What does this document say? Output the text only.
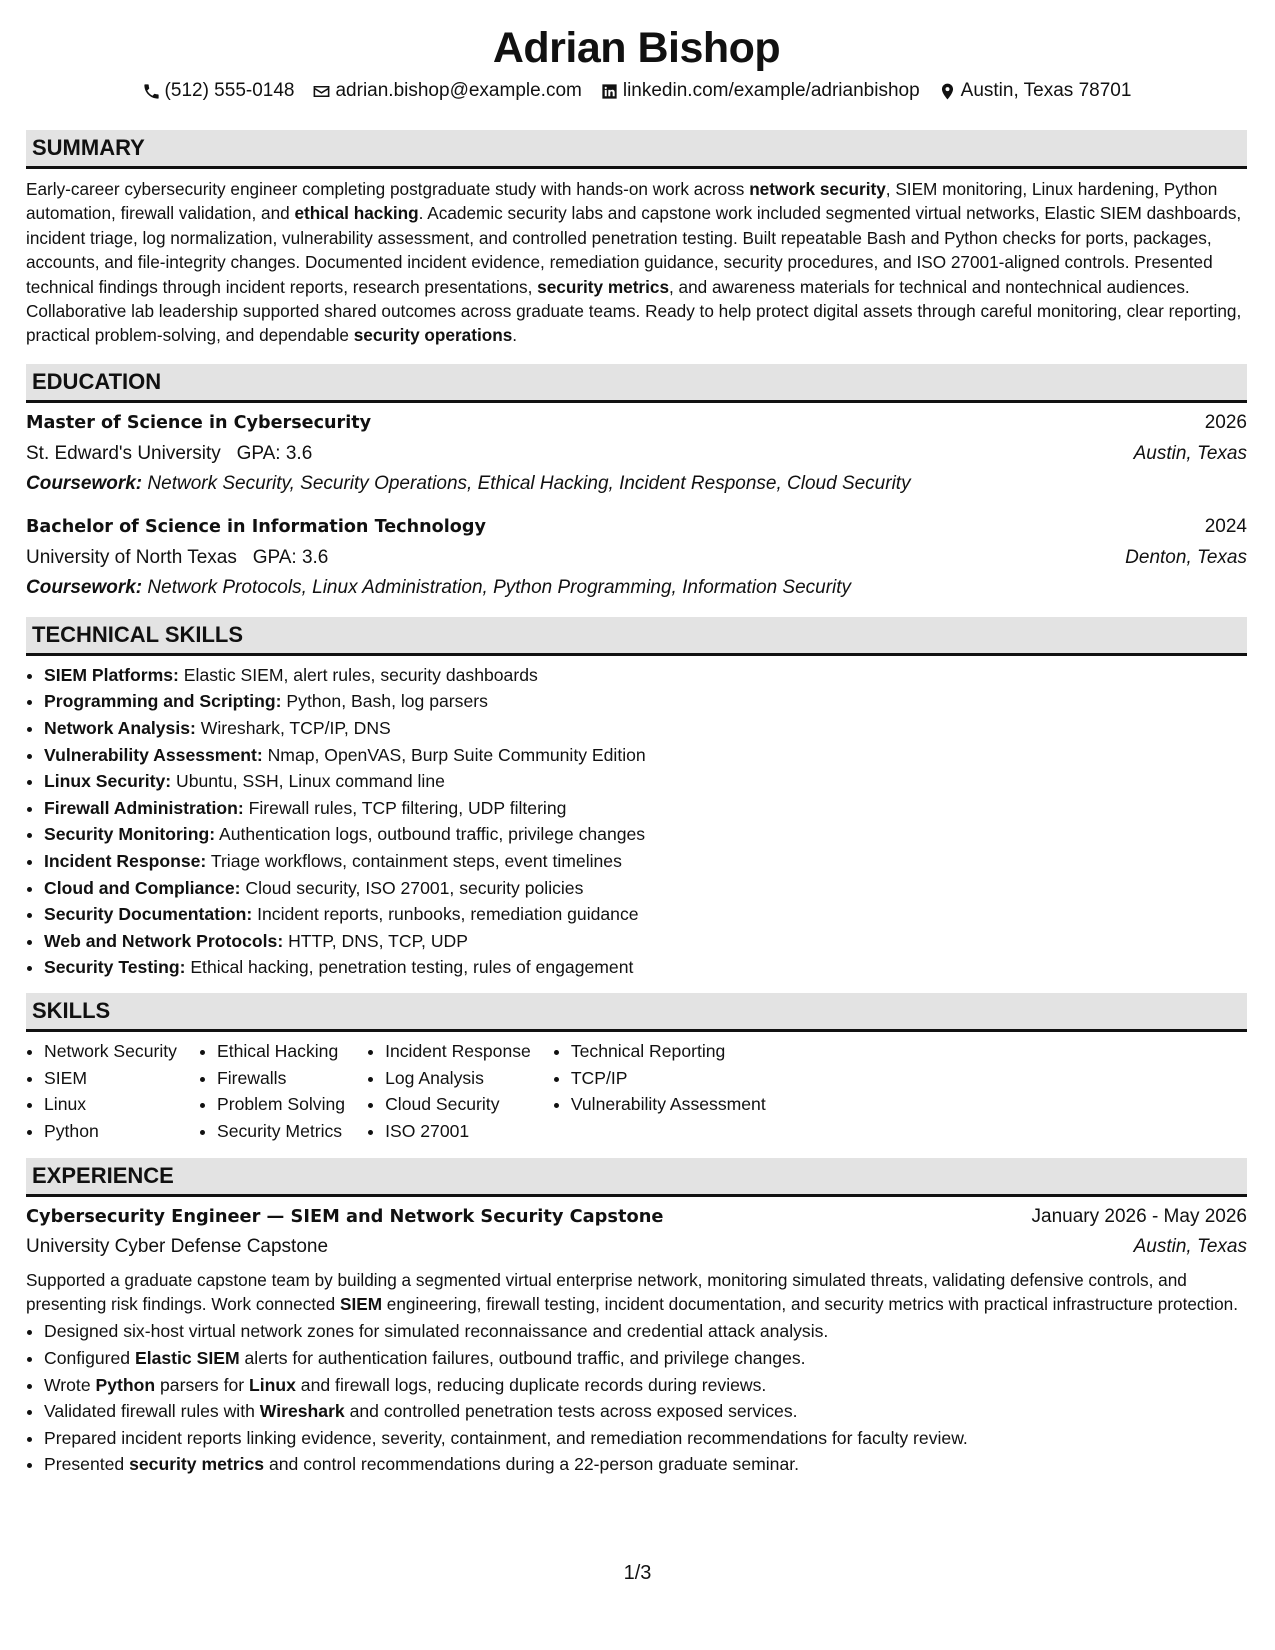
Adrian Bishop
(512) 555-0148 adrian.bishop@example.com linkedin.com/example/adrianbishop Austin, Texas 78701
SUMMARY
Early-career cybersecurity engineer completing postgraduate study with hands-on work across network security, SIEM monitoring, Linux hardening, Python automation, firewall validation, and ethical hacking. Academic security labs and capstone work included segmented virtual networks, Elastic SIEM dashboards, incident triage, log normalization, vulnerability assessment, and controlled penetration testing. Built repeatable Bash and Python checks for ports, packages, accounts, and file-integrity changes. Documented incident evidence, remediation guidance, security procedures, and ISO 27001-aligned controls. Presented technical findings through incident reports, research presentations, security metrics, and awareness materials for technical and nontechnical audiences. Collaborative lab leadership supported shared outcomes across graduate teams. Ready to help protect digital assets through careful monitoring, clear reporting, practical problem-solving, and dependable security operations.
EDUCATION
Master of Science in Cybersecurity	2026
St. Edward's University GPA: 3.6	Austin, Texas
Coursework: Network Security, Security Operations, Ethical Hacking, Incident Response, Cloud Security
Bachelor of Science in Information Technology	2024
University of North Texas GPA: 3.6	Denton, Texas
Coursework: Network Protocols, Linux Administration, Python Programming, Information Security
TECHNICAL SKILLS
• SIEM Platforms: Elastic SIEM, alert rules, security dashboards
• Programming and Scripting: Python, Bash, log parsers
• Network Analysis: Wireshark, TCP/IP, DNS
• Vulnerability Assessment: Nmap, OpenVAS, Burp Suite Community Edition
• Linux Security: Ubuntu, SSH, Linux command line
• Firewall Administration: Firewall rules, TCP filtering, UDP filtering
• Security Monitoring: Authentication logs, outbound traffic, privilege changes
• Incident Response: Triage workflows, containment steps, event timelines
• Cloud and Compliance: Cloud security, ISO 27001, security policies
• Security Documentation: Incident reports, runbooks, remediation guidance
• Web and Network Protocols: HTTP, DNS, TCP, UDP
• Security Testing: Ethical hacking, penetration testing, rules of engagement
SKILLS
• Network Security
• SIEM
• Linux
• Python
• Ethical Hacking
• Firewalls
• Problem Solving
• Security Metrics
• Incident Response
• Log Analysis
• Cloud Security
• ISO 27001
• Technical Reporting
• TCP/IP
• Vulnerability Assessment
EXPERIENCE
Cybersecurity Engineer — SIEM and Network Security Capstone	January 2026 - May 2026
University Cyber Defense Capstone	Austin, Texas
Supported a graduate capstone team by building a segmented virtual enterprise network, monitoring simulated threats, validating defensive controls, and presenting risk findings. Work connected SIEM engineering, firewall testing, incident documentation, and security metrics with practical infrastructure protection.
• Designed six-host virtual network zones for simulated reconnaissance and credential attack analysis.
• Configured Elastic SIEM alerts for authentication failures, outbound traffic, and privilege changes.
• Wrote Python parsers for Linux and firewall logs, reducing duplicate records during reviews.
• Validated firewall rules with Wireshark and controlled penetration tests across exposed services.
• Prepared incident reports linking evidence, severity, containment, and remediation recommendations for faculty review.
• Presented security metrics and control recommendations during a 22-person graduate seminar.
1/3
